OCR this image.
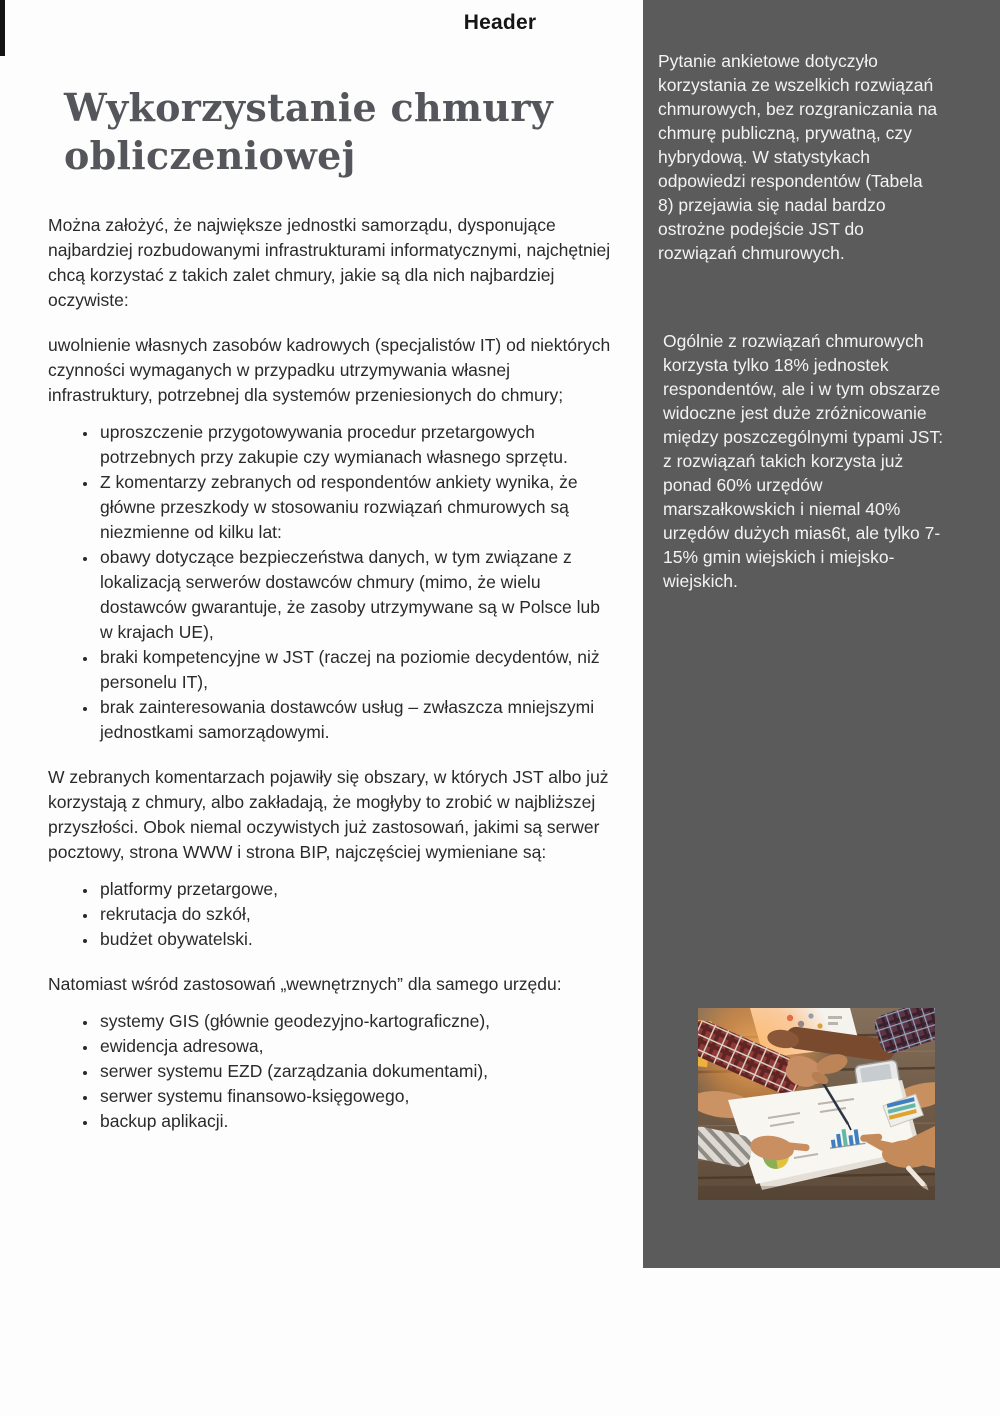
Header
Wykorzystanie chmury obliczeniowej

Można założyć, że największe jednostki samorządu, dysponujące najbardziej rozbudowanymi infrastrukturami informatycznymi, najchętniej chcą korzystać z takich zalet chmury, jakie są dla nich najbardziej oczywiste:

uwolnienie własnych zasobów kadrowych (specjalistów IT) od niektórych czynności wymaganych w przypadku utrzymywania własnej infrastruktury, potrzebnej dla systemów przeniesionych do chmury;

• uproszczenie przygotowywania procedur przetargowych potrzebnych przy zakupie czy wymianach własnego sprzętu.
• Z komentarzy zebranych od respondentów ankiety wynika, że główne przeszkody w stosowaniu rozwiązań chmurowych są niezmienne od kilku lat:
• obawy dotyczące bezpieczeństwa danych, w tym związane z lokalizacją serwerów dostawców chmury (mimo, że wielu dostawców gwarantuje, że zasoby utrzymywane są w Polsce lub w krajach UE),
• braki kompetencyjne w JST (raczej na poziomie decydentów, niż personelu IT),
• brak zainteresowania dostawców usług – zwłaszcza mniejszymi jednostkami samorządowymi.

W zebranych komentarzach pojawiły się obszary, w których JST albo już korzystają z chmury, albo zakładają, że mogłyby to zrobić w najbliższej przyszłości. Obok niemal oczywistych już zastosowań, jakimi są serwer pocztowy, strona WWW i strona BIP, najczęściej wymieniane są:

• platformy przetargowe,
• rekrutacja do szkół,
• budżet obywatelski.

Natomiast wśród zastosowań „wewnętrznych” dla samego urzędu:

• systemy GIS (głównie geodezyjno-kartograficzne),
• ewidencja adresowa,
• serwer systemu EZD (zarządzania dokumentami),
• serwer systemu finansowo-księgowego,
• backup aplikacji.

Pytanie ankietowe dotyczyło korzystania ze wszelkich rozwiązań chmurowych, bez rozgraniczania na chmurę publiczną, prywatną, czy hybrydową. W statystykach odpowiedzi respondentów (Tabela 8) przejawia się nadal bardzo ostrożne podejście JST do rozwiązań chmurowych.

Ogólnie z rozwiązań chmurowych korzysta tylko 18% jednostek respondentów, ale i w tym obszarze widoczne jest duże zróżnicowanie między poszczególnymi typami JST: z rozwiązań takich korzysta już ponad 60% urzędów marszałkowskich i niemal 40% urzędów dużych mias6t, ale tylko 7-15% gmin wiejskich i miejsko-wiejskich.
